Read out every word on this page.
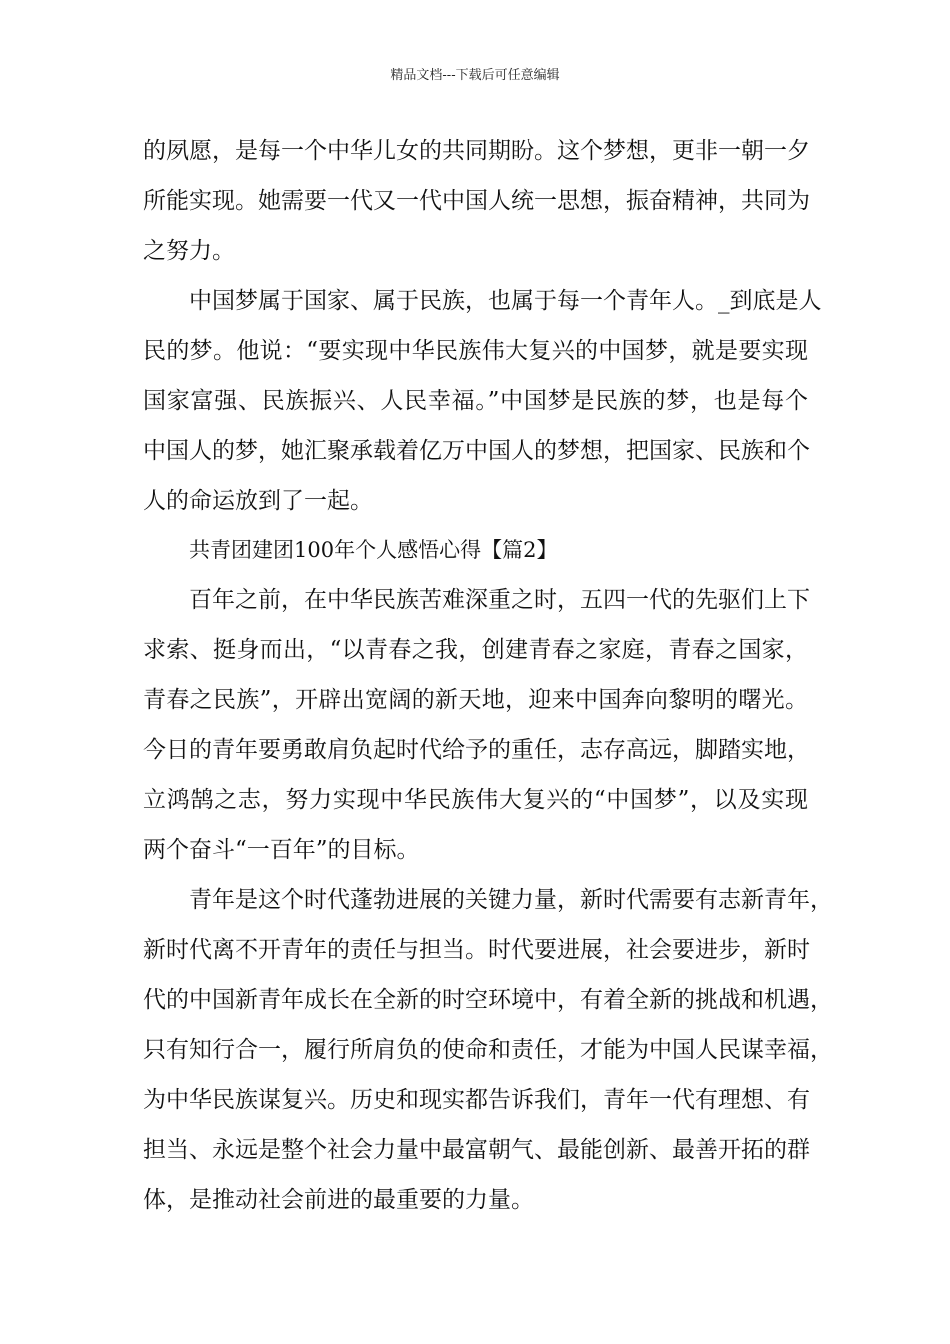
精品文档---下载后可任意编辑
的夙愿，是每一个中华儿女的共同期盼。这个梦想，更非一朝一夕
所能实现。她需要一代又一代中国人统一思想，振奋精神，共同为
之努力。
中国梦属于国家、属于民族，也属于每一个青年人。_到底是人
民的梦。他说：“要实现中华民族伟大复兴的中国梦，就是要实现
国家富强、民族振兴、人民幸福。”中国梦是民族的梦，也是每个
中国人的梦，她汇聚承载着亿万中国人的梦想，把国家、民族和个
人的命运放到了一起。
共青团建团100年个人感悟心得【篇2】
百年之前，在中华民族苦难深重之时，五四一代的先驱们上下
求索、挺身而出，“以青春之我，创建青春之家庭，青春之国家，
青春之民族”，开辟出宽阔的新天地，迎来中国奔向黎明的曙光。
今日的青年要勇敢肩负起时代给予的重任，志存高远，脚踏实地，
立鸿鹄之志，努力实现中华民族伟大复兴的“中国梦”，以及实现
两个奋斗“一百年”的目标。
青年是这个时代蓬勃进展的关键力量，新时代需要有志新青年，
新时代离不开青年的责任与担当。时代要进展，社会要进步，新时
代的中国新青年成长在全新的时空环境中，有着全新的挑战和机遇，
只有知行合一，履行所肩负的使命和责任，才能为中国人民谋幸福，
为中华民族谋复兴。历史和现实都告诉我们，青年一代有理想、有
担当、永远是整个社会力量中最富朝气、最能创新、最善开拓的群
体，是推动社会前进的最重要的力量。
